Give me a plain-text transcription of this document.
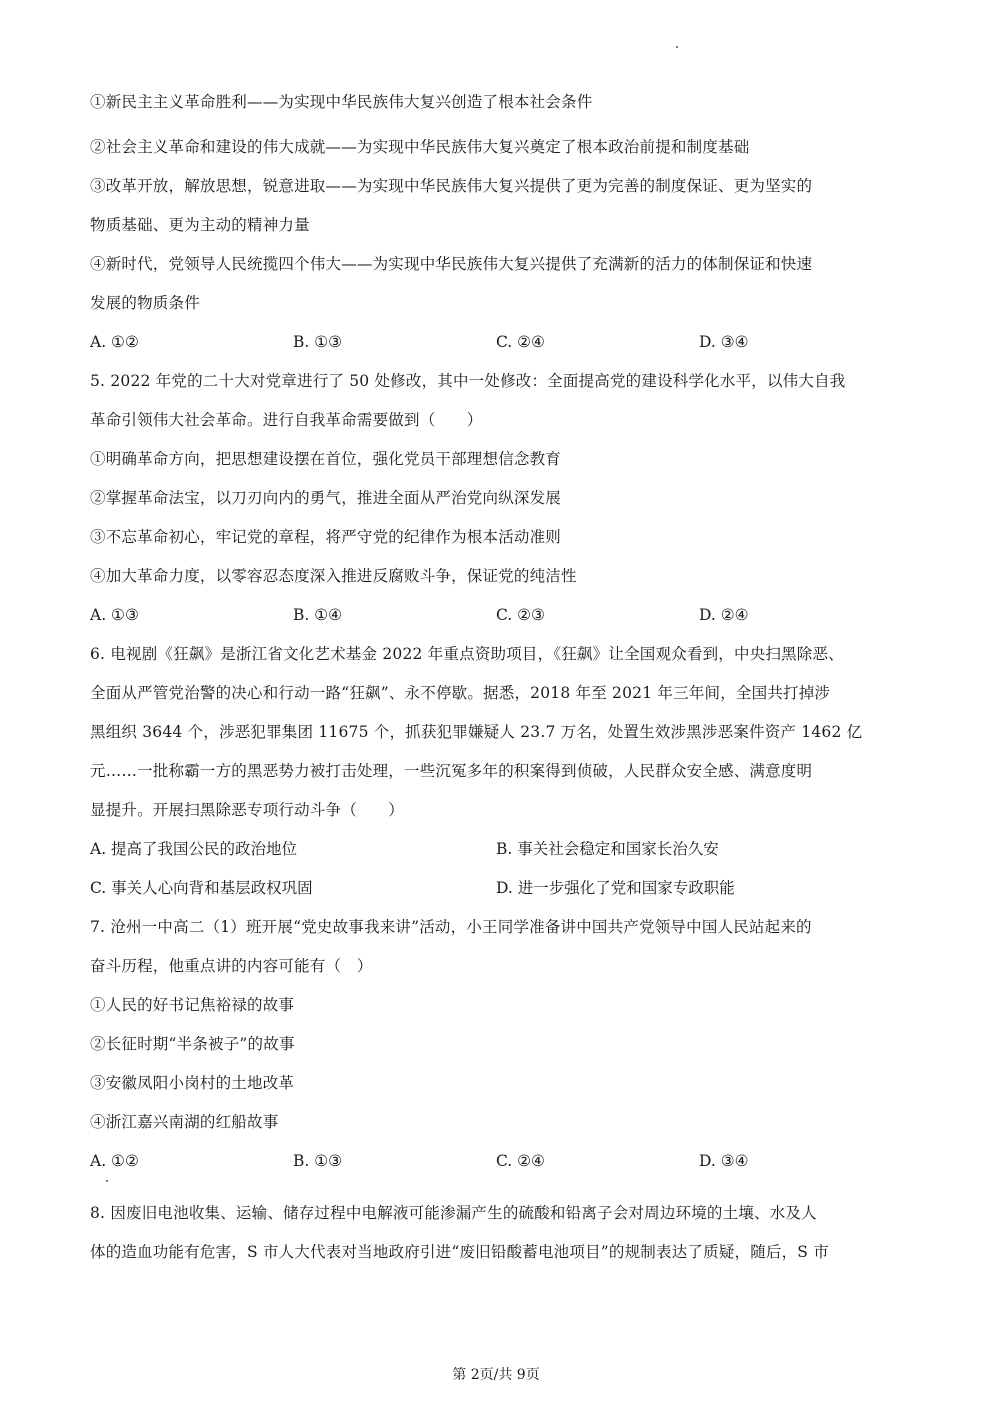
①新民主主义革命胜利——为实现中华民族伟大复兴创造了根本社会条件
②社会主义革命和建设的伟大成就——为实现中华民族伟大复兴奠定了根本政治前提和制度基础
③改革开放，解放思想，锐意进取——为实现中华民族伟大复兴提供了更为完善的制度保证、更为坚实的
物质基础、更为主动的精神力量
④新时代，党领导人民统揽四个伟大——为实现中华民族伟大复兴提供了充满新的活力的体制保证和快速
发展的物质条件
A. ①②	B. ①③	C. ②④	D. ③④
5. 2022 年党的二十大对党章进行了 50 处修改，其中一处修改：全面提高党的建设科学化水平，以伟大自我
革命引领伟大社会革命。进行自我革命需要做到（　　）
①明确革命方向，把思想建设摆在首位，强化党员干部理想信念教育
②掌握革命法宝，以刀刃向内的勇气，推进全面从严治党向纵深发展
③不忘革命初心，牢记党的章程，将严守党的纪律作为根本活动准则
④加大革命力度，以零容忍态度深入推进反腐败斗争，保证党的纯洁性
A. ①③	B. ①④	C. ②③	D. ②④
6. 电视剧《狂飙》是浙江省文化艺术基金 2022 年重点资助项目，《狂飙》让全国观众看到，中央扫黑除恶、
全面从严管党治警的决心和行动一路“狂飙”、永不停歇。据悉，2018 年至 2021 年三年间，全国共打掉涉
黑组织 3644 个，涉恶犯罪集团 11675 个，抓获犯罪嫌疑人 23.7 万名，处置生效涉黑涉恶案件资产 1462 亿
元……一批称霸一方的黑恶势力被打击处理，一些沉冤多年的积案得到侦破，人民群众安全感、满意度明
显提升。开展扫黑除恶专项行动斗争（　　）
A. 提高了我国公民的政治地位	B. 事关社会稳定和国家长治久安
C. 事关人心向背和基层政权巩固	D. 进一步强化了党和国家专政职能
7. 沧州一中高二（1）班开展“党史故事我来讲”活动，小王同学准备讲中国共产党领导中国人民站起来的
奋斗历程，他重点讲的内容可能有（　）
①人民的好书记焦裕禄的故事
②长征时期“半条被子”的故事
③安徽凤阳小岗村的土地改革
④浙江嘉兴南湖的红船故事
A. ①②	B. ①③	C. ②④	D. ③④
8. 因废旧电池收集、运输、储存过程中电解液可能渗漏产生的硫酸和铅离子会对周边环境的土壤、水及人
体的造血功能有危害，S 市人大代表对当地政府引进“废旧铅酸蓄电池项目”的规制表达了质疑，随后，S 市
第 2页/共 9页
